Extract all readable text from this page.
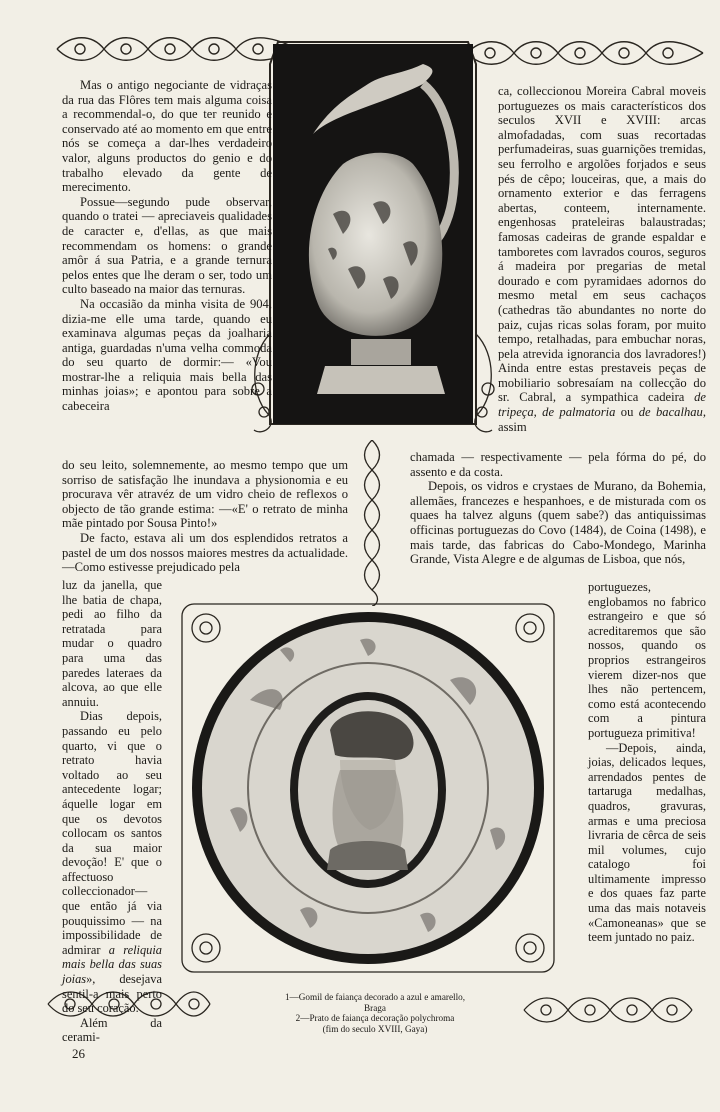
Mas o antigo negociante de vidraças da rua das Flôres tem mais alguma coisa a recommendal-o, do que ter reunido e conservado até ao momento em que entre nós se começa a dar-lhes verdadeiro valor, alguns productos do genio e do trabalho elevado da gente de merecimento.

Possue—segundo pude observar, quando o tratei — apreciaveis qualidades de caracter e, d'ellas, as que mais recommendam os homens: o grande amôr á sua Patria, e a grande ternura pelos entes que lhe deram o ser, todo um culto baseado na maior das ternuras.

Na occasião da minha visita de 904, dizia-me elle uma tarde, quando eu examinava algumas peças da joalharia antiga, guardadas n'uma velha commoda do seu quarto de dormir:— «Vou mostrar-lhe a reliquia mais bella das minhas joias»; e apontou para sobre a cabeceira

do seu leito, solemnemente, ao mesmo tempo que um sorriso de satisfação lhe inundava a physionomia e eu procurava vêr atravéz de um vidro cheio de reflexos o objecto de tão grande estima: —«E' o retrato de minha mãe pintado por Sousa Pinto!»

De facto, estava ali um dos esplendidos retratos a pastel de um dos nossos maiores mestres da actualidade.—Como estivesse prejudicado pela

luz da janella, que lhe batia de chapa, pedi ao filho da retratada para mudar o quadro para uma das paredes lateraes da alcova, ao que elle annuiu.

Dias depois, passando eu pelo quarto, vi que o retrato havia voltado ao seu antecedente logar; áquelle logar em que os devotos collocam os santos da sua maior devoção! E' que o affectuoso colleccionador— que então já via pouquissimo — na impossibilidade de admirar a reliquia mais bella das suas joias», desejava sentil-a mais perto do seu coração.

Além da cerami-

ca, colleccionou Moreira Cabral moveis portuguezes os mais característicos dos seculos XVII e XVIII: arcas almofadadas, com suas recortadas perfumadeiras, suas guarnições tremidas, seu ferrolho e argolões forjados e seus pés de cêpo; louceiras, que, a mais do ornamento exterior e das ferragens abertas, conteem, internamente. engenhosas prateleiras balaustradas; famosas cadeiras de grande espaldar e tamboretes com lavrados couros, seguros á madeira por pregarias de metal dourado e com pyramidaes adornos do mesmo metal em seus cachaços (cathedras tão abundantes no norte do paiz, cujas ricas solas foram, por muito tempo, retalhadas, para embuchar noras, pela atrevida ignorancia dos lavradores!) Ainda entre estas prestaveis peças de mobiliario sobresaíam na collecção do sr. Cabral, a sympathica cadeira de tripeça, de palmatoria ou de bacalhau, assim

chamada — respectivamente — pela fórma do pé, do assento e da costa.

Depois, os vidros e crystaes de Murano, da Bohemia, allemães, francezes e hespanhoes, e de misturada com os quaes ha talvez alguns (quem sabe?) das antiquissimas officinas portuguezas do Covo (1484), de Coina (1498), e mais tarde, das fabricas do Cabo-Mondego, Marinha Grande, Vista Alegre e de algumas de Lisboa, que nós,

portuguezes, englobamos no fabrico estrangeiro e que só acreditaremos que são nossos, quando os proprios estrangeiros vierem dizer-nos que lhes não pertencem, como está acontecendo com a pintura portugueza primitiva!

—Depois, ainda, joias, delicados leques, arrendados pentes de tartaruga medalhas, quadros, gravuras, armas e uma preciosa livraria de cêrca de seis mil volumes, cujo catalogo foi ultimamente impresso e dos quaes faz parte uma das mais notaveis «Camoneanas» que se teem juntado no paiz.

1—Gomil de faiança decorado a azul e amarello,
Braga
2—Prato de faiança decoração polychroma
(fim do seculo XVIII, Gaya)
26
